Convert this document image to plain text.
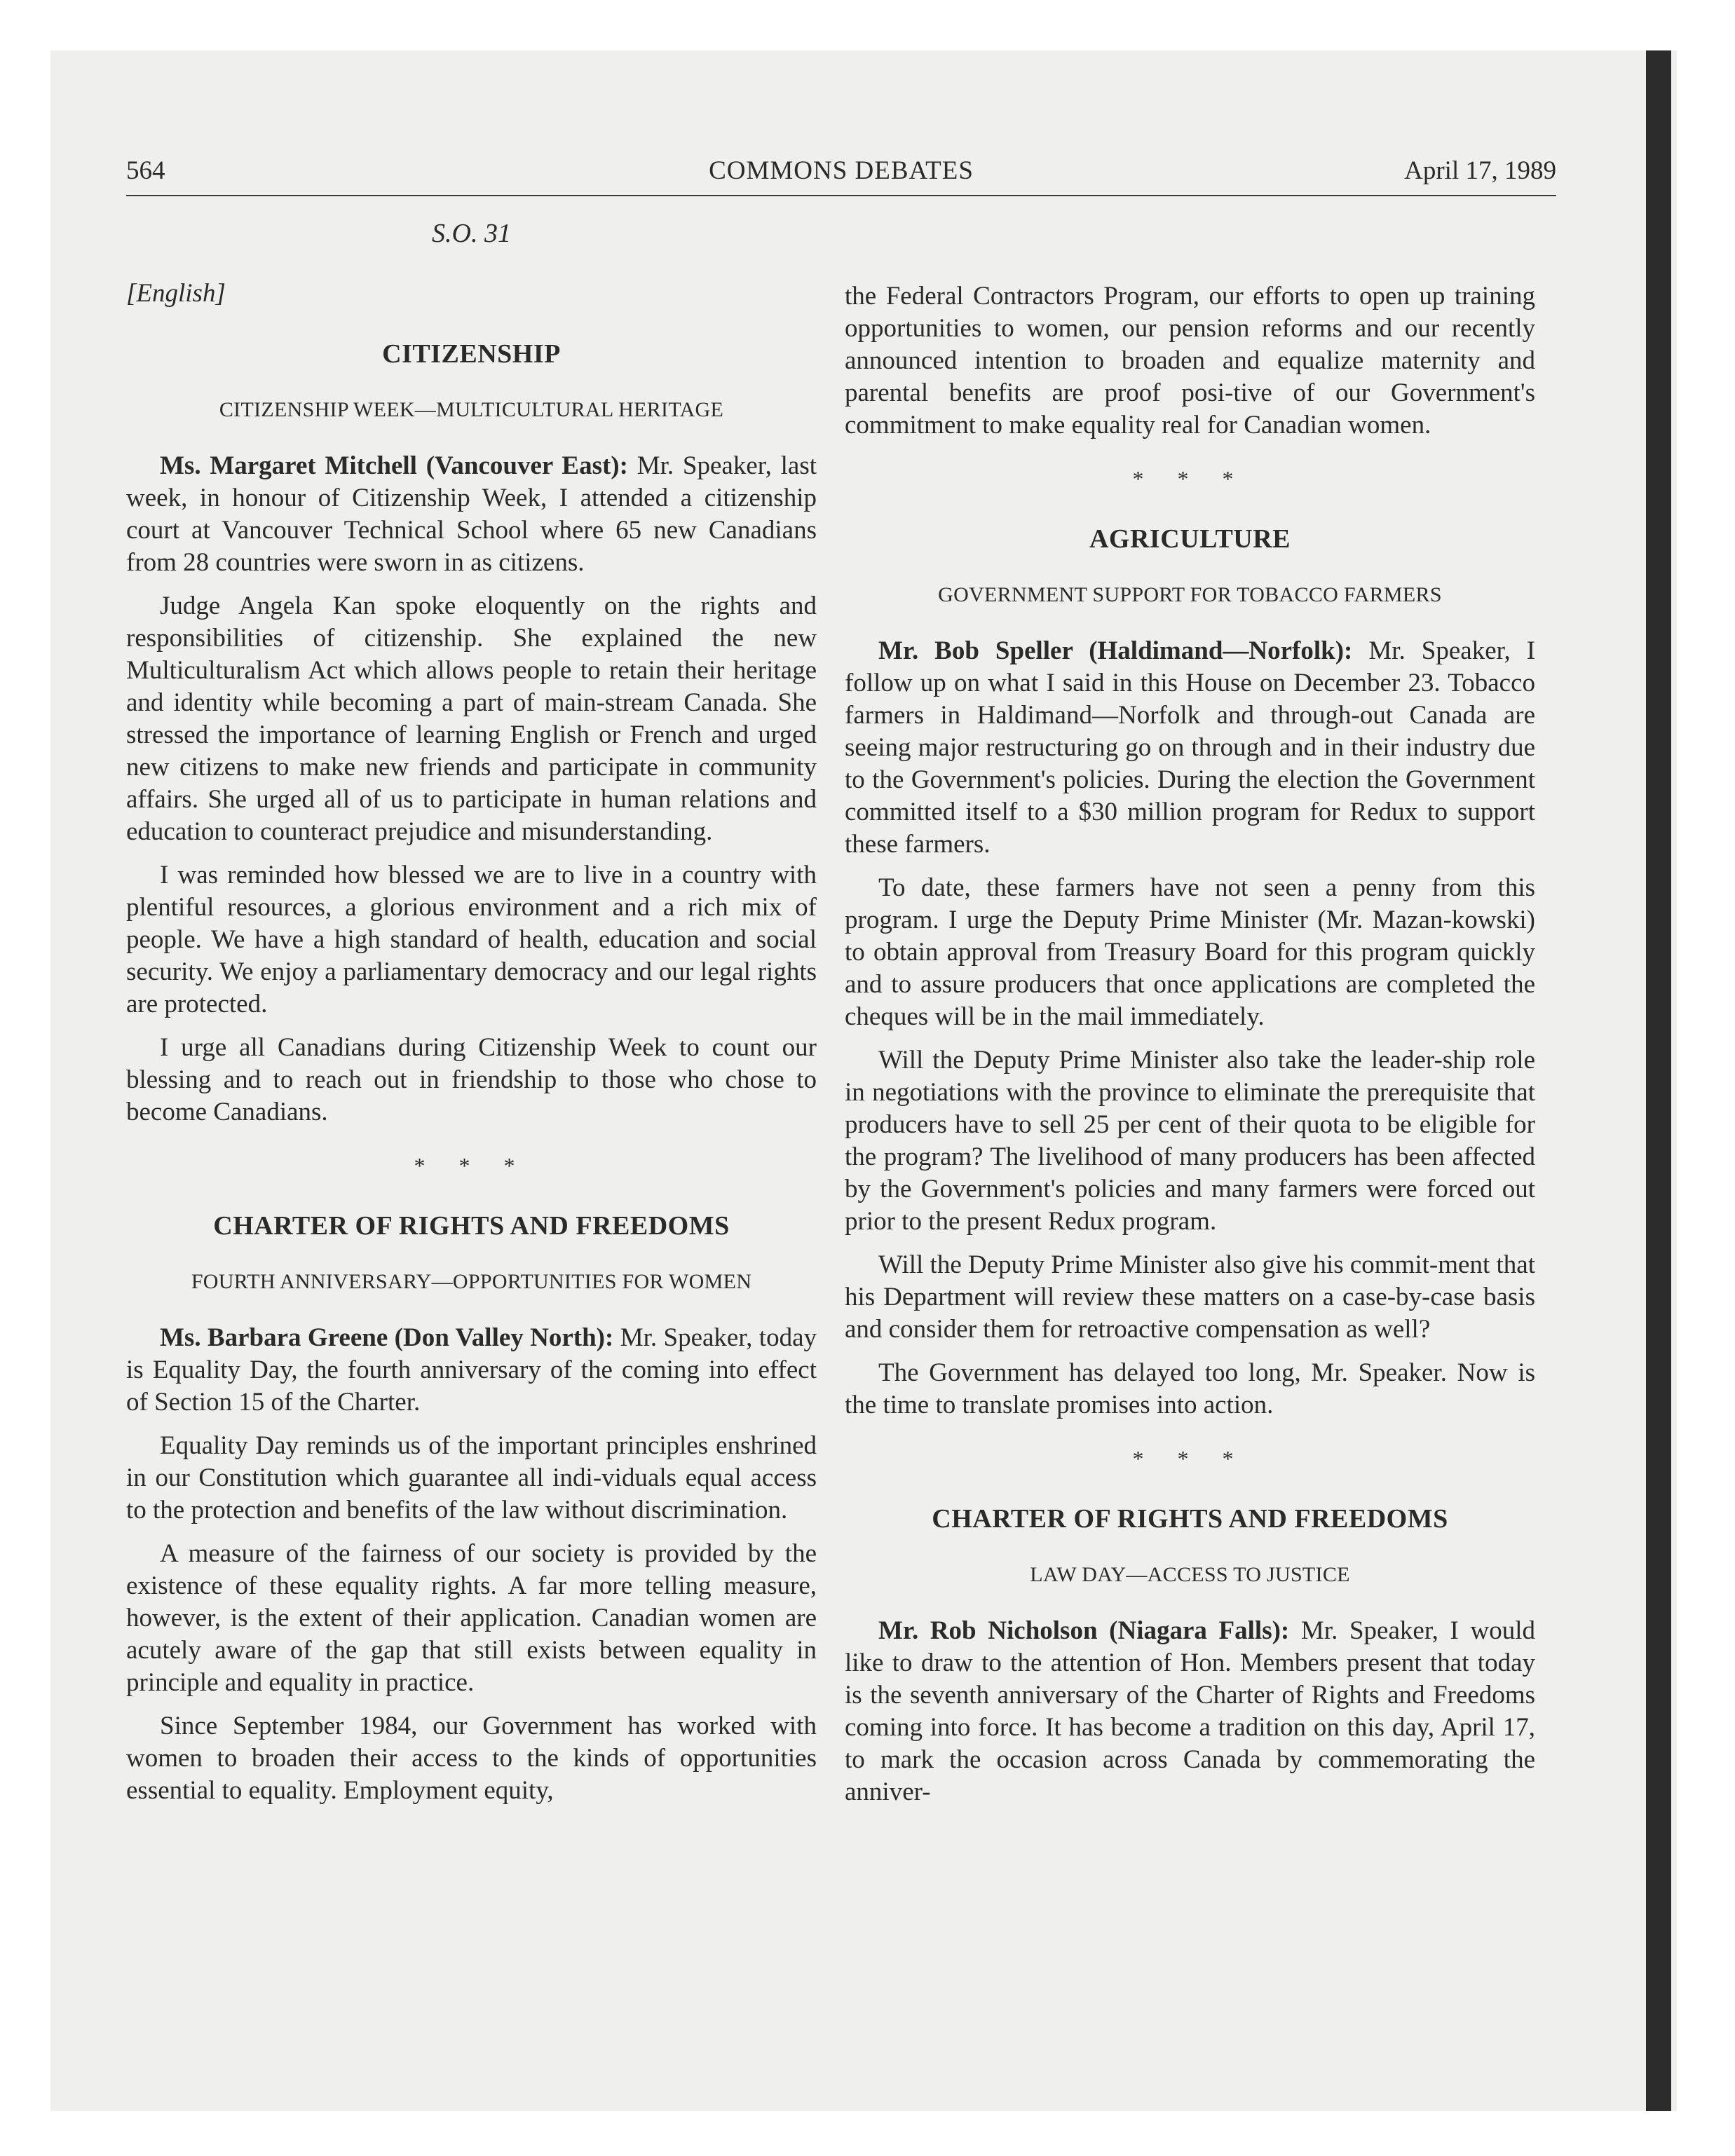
564	COMMONS DEBATES	April 17, 1989
S.O. 31
[English]
CITIZENSHIP
CITIZENSHIP WEEK—MULTICULTURAL HERITAGE

Ms. Margaret Mitchell (Vancouver East): Mr. Speaker, last week, in honour of Citizenship Week, I attended a citizenship court at Vancouver Technical School where 65 new Canadians from 28 countries were sworn in as citizens.

Judge Angela Kan spoke eloquently on the rights and responsibilities of citizenship. She explained the new Multiculturalism Act which allows people to retain their heritage and identity while becoming a part of main-stream Canada. She stressed the importance of learning English or French and urged new citizens to make new friends and participate in community affairs. She urged all of us to participate in human relations and education to counteract prejudice and misunderstanding.

I was reminded how blessed we are to live in a country with plentiful resources, a glorious environment and a rich mix of people. We have a high standard of health, education and social security. We enjoy a parliamentary democracy and our legal rights are protected.

I urge all Canadians during Citizenship Week to count our blessing and to reach out in friendship to those who chose to become Canadians.

* * *
CHARTER OF RIGHTS AND FREEDOMS
FOURTH ANNIVERSARY—OPPORTUNITIES FOR WOMEN

Ms. Barbara Greene (Don Valley North): Mr. Speaker, today is Equality Day, the fourth anniversary of the coming into effect of Section 15 of the Charter.

Equality Day reminds us of the important principles enshrined in our Constitution which guarantee all indi-viduals equal access to the protection and benefits of the law without discrimination.

A measure of the fairness of our society is provided by the existence of these equality rights. A far more telling measure, however, is the extent of their application. Canadian women are acutely aware of the gap that still exists between equality in principle and equality in practice.

Since September 1984, our Government has worked with women to broaden their access to the kinds of opportunities essential to equality. Employment equity,

the Federal Contractors Program, our efforts to open up training opportunities to women, our pension reforms and our recently announced intention to broaden and equalize maternity and parental benefits are proof posi-tive of our Government's commitment to make equality real for Canadian women.

* * *
AGRICULTURE
GOVERNMENT SUPPORT FOR TOBACCO FARMERS

Mr. Bob Speller (Haldimand—Norfolk): Mr. Speaker, I follow up on what I said in this House on December 23. Tobacco farmers in Haldimand—Norfolk and through-out Canada are seeing major restructuring go on through and in their industry due to the Government's policies. During the election the Government committed itself to a $30 million program for Redux to support these farmers.

To date, these farmers have not seen a penny from this program. I urge the Deputy Prime Minister (Mr. Mazan-kowski) to obtain approval from Treasury Board for this program quickly and to assure producers that once applications are completed the cheques will be in the mail immediately.

Will the Deputy Prime Minister also take the leader-ship role in negotiations with the province to eliminate the prerequisite that producers have to sell 25 per cent of their quota to be eligible for the program? The livelihood of many producers has been affected by the Government's policies and many farmers were forced out prior to the present Redux program.

Will the Deputy Prime Minister also give his commit-ment that his Department will review these matters on a case-by-case basis and consider them for retroactive compensation as well?

The Government has delayed too long, Mr. Speaker. Now is the time to translate promises into action.

* * *
CHARTER OF RIGHTS AND FREEDOMS
LAW DAY—ACCESS TO JUSTICE

Mr. Rob Nicholson (Niagara Falls): Mr. Speaker, I would like to draw to the attention of Hon. Members present that today is the seventh anniversary of the Charter of Rights and Freedoms coming into force. It has become a tradition on this day, April 17, to mark the occasion across Canada by commemorating the anniver-
